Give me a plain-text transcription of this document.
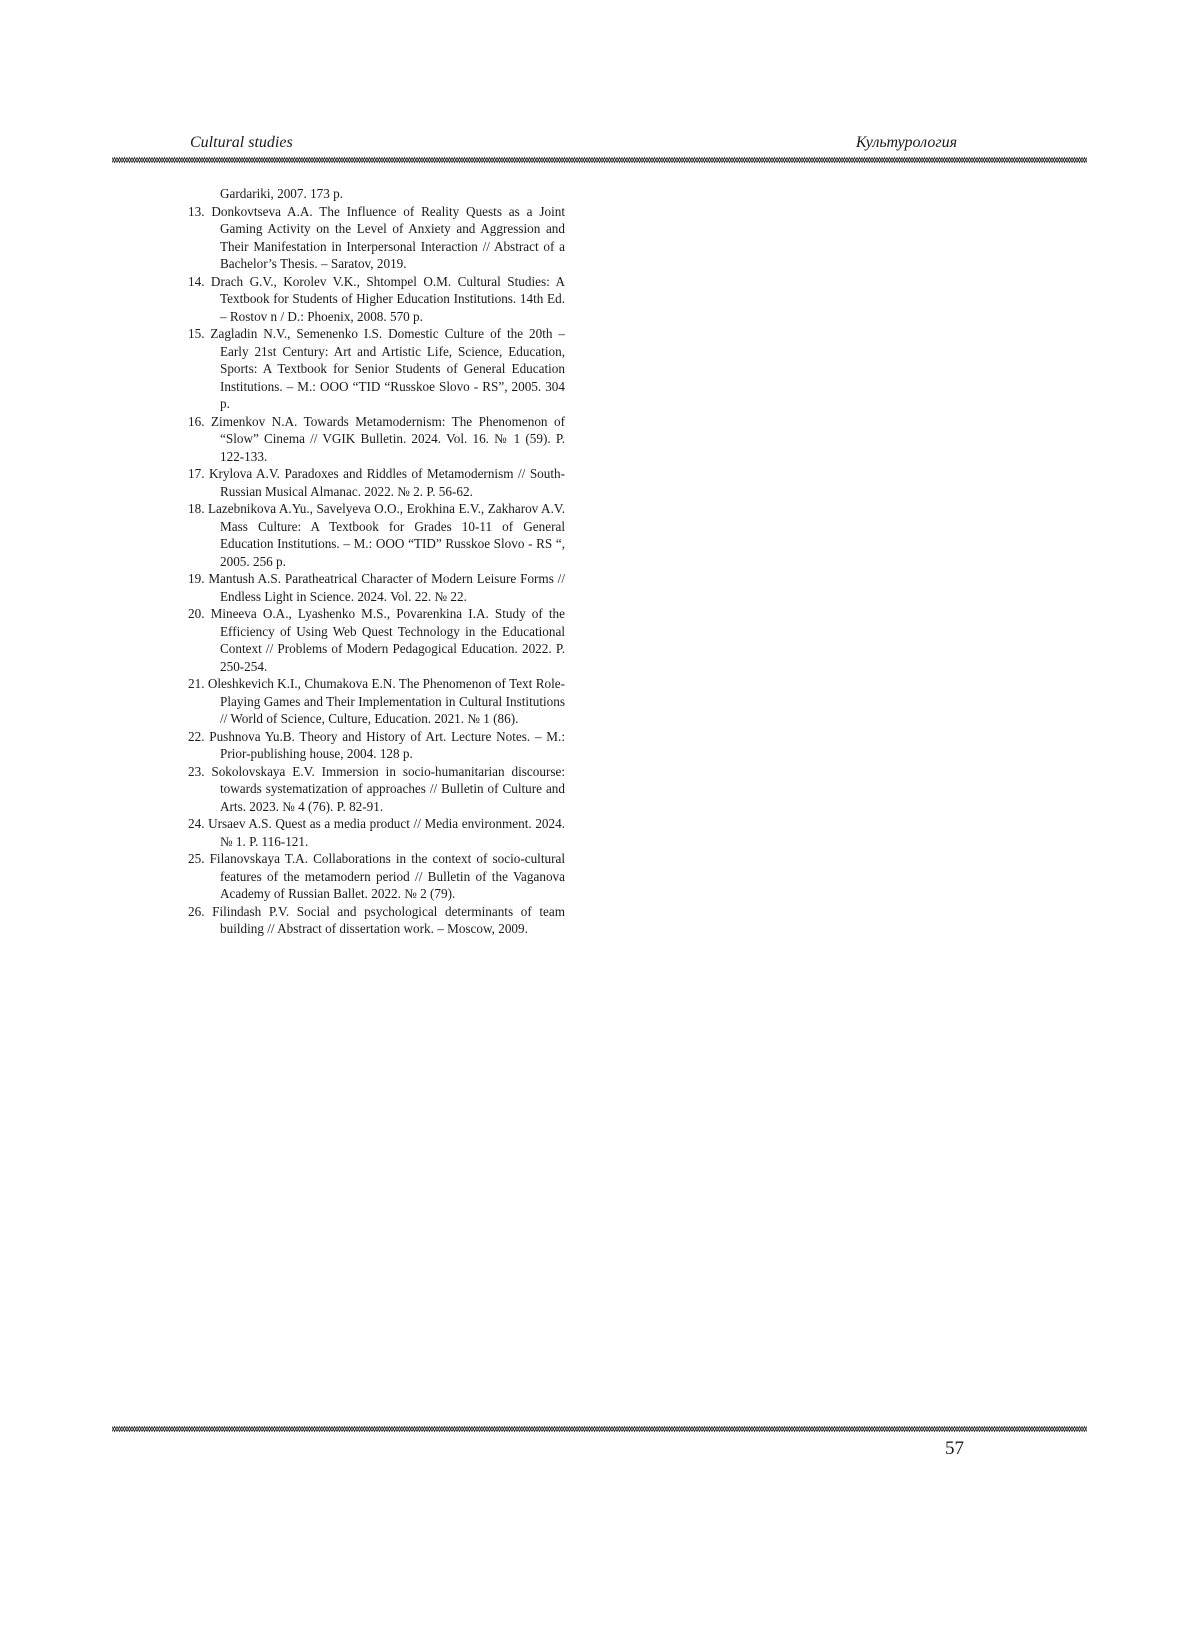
Cultural studies	Культурология
Gardariki, 2007. 173 p.
13. Donkovtseva A.A. The Influence of Reality Quests as a Joint Gaming Activity on the Level of Anxiety and Aggression and Their Manifestation in Interpersonal Interaction // Abstract of a Bachelor’s Thesis. – Saratov, 2019.
14. Drach G.V., Korolev V.K., Shtompel O.M. Cultural Studies: A Textbook for Students of Higher Education Institutions. 14th Ed. – Rostov n / D.: Phoenix, 2008. 570 p.
15. Zagladin N.V., Semenenko I.S. Domestic Culture of the 20th – Early 21st Century: Art and Artistic Life, Science, Education, Sports: A Textbook for Senior Students of General Education Institutions. – M.: OOO “TID “Russkoe Slovo - RS”, 2005. 304 p.
16. Zimenkov N.A. Towards Metamodernism: The Phenomenon of “Slow” Cinema // VGIK Bulletin. 2024. Vol. 16. № 1 (59). P. 122-133.
17. Krylova A.V. Paradoxes and Riddles of Metamodernism // South-Russian Musical Almanac. 2022. № 2. P. 56-62.
18. Lazebnikova A.Yu., Savelyeva O.O., Erokhina E.V., Zakharov A.V. Mass Culture: A Textbook for Grades 10-11 of General Education Institutions. – M.: OOO “TID” Russkoe Slovo - RS “, 2005. 256 p.
19. Mantush A.S. Paratheatrical Character of Modern Leisure Forms // Endless Light in Science. 2024. Vol. 22. № 22.
20. Mineeva O.A., Lyashenko M.S., Povarenkina I.A. Study of the Efficiency of Using Web Quest Technology in the Educational Context // Problems of Modern Pedagogical Education. 2022. P. 250-254.
21. Oleshkevich K.I., Chumakova E.N. The Phenomenon of Text Role-Playing Games and Their Implementation in Cultural Institutions // World of Science, Culture, Education. 2021. № 1 (86).
22. Pushnova Yu.B. Theory and History of Art. Lecture Notes. – M.: Prior-publishing house, 2004. 128 p.
23. Sokolovskaya E.V. Immersion in socio-humanitarian discourse: towards systematization of approaches // Bulletin of Culture and Arts. 2023. № 4 (76). P. 82-91.
24. Ursaev A.S. Quest as a media product // Media environment. 2024. № 1. P. 116-121.
25. Filanovskaya T.A. Collaborations in the context of socio-cultural features of the metamodern period // Bulletin of the Vaganova Academy of Russian Ballet. 2022. № 2 (79).
26. Filindash P.V. Social and psychological determinants of team building // Abstract of dissertation work. – Moscow, 2009.
57
